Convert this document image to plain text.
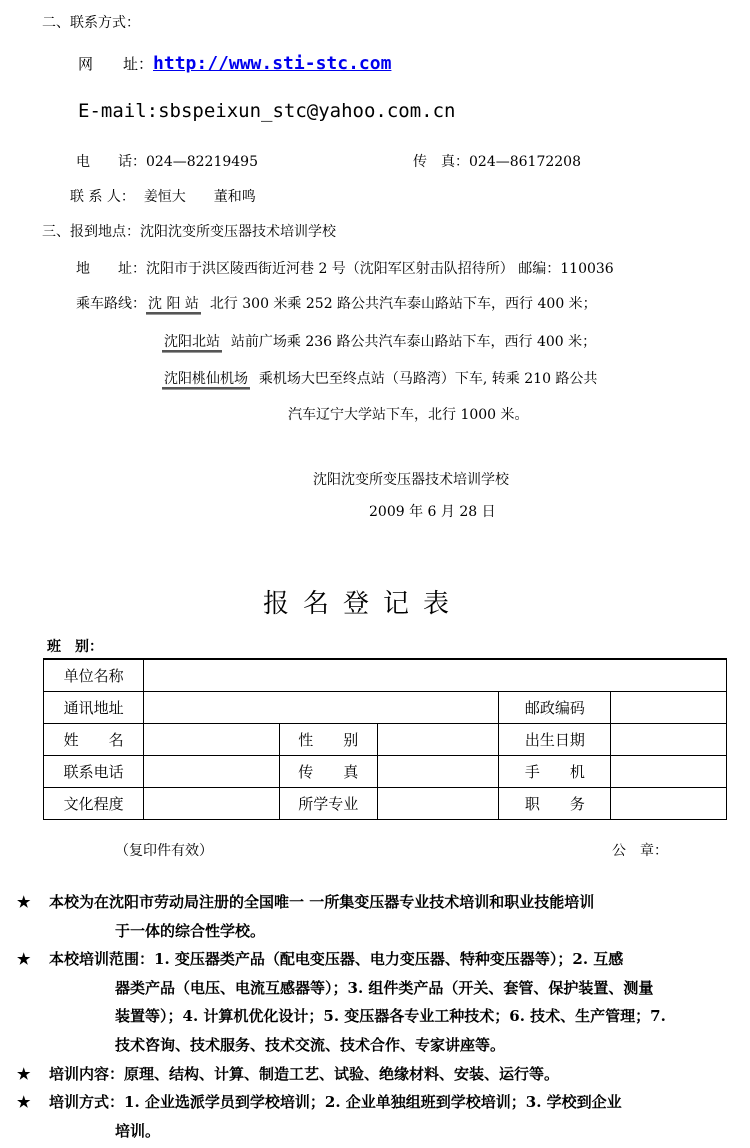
二、联系方式：
网　　址：http://www.sti-stc.com
E-mail:sbspeixun_stc@yahoo.com.cn
电　　话：024—82219495	传　真：024—86172208
联 系 人： 姜恒大　　董和鸣
三、报到地点：沈阳沈变所变压器技术培训学校
地　　址：沈阳市于洪区陵西街近河巷 2 号（沈阳军区射击队招待所） 邮编：110036
乘车路线： 沈 阳 站 北行 300 米乘 252 路公共汽车泰山路站下车，西行 400 米；
沈阳北站 站前广场乘 236 路公共汽车泰山路站下车，西行 400 米；
沈阳桃仙机场 乘机场大巴至终点站（马路湾）下车, 转乘 210 路公共
汽车辽宁大学站下车，北行 1000 米。
沈阳沈变所变压器技术培训学校
2009 年 6 月 28 日
报名登记表
班　别：
单位名称					
通讯地址				邮政编码	
姓　　名		性　　别		出生日期	
联系电话		传　　真		手　　机	
文化程度		所学专业		职　　务	
（复印件有效）	公　章：
★ 本校为在沈阳市劳动局注册的全国唯一 一所集变压器专业技术培训和职业技能培训
于一体的综合性学校。
★ 本校培训范围：1. 变压器类产品（配电变压器、电力变压器、特种变压器等）；2. 互感
器类产品（电压、电流互感器等）；3. 组件类产品（开关、套管、保护装置、测量
装置等）；4. 计算机优化设计；5. 变压器各专业工种技术；6. 技术、生产管理；7.
技术咨询、技术服务、技术交流、技术合作、专家讲座等。
★ 培训内容：原理、结构、计算、制造工艺、试验、绝缘材料、安装、运行等。
★ 培训方式：1. 企业选派学员到学校培训；2. 企业单独组班到学校培训；3. 学校到企业
培训。
